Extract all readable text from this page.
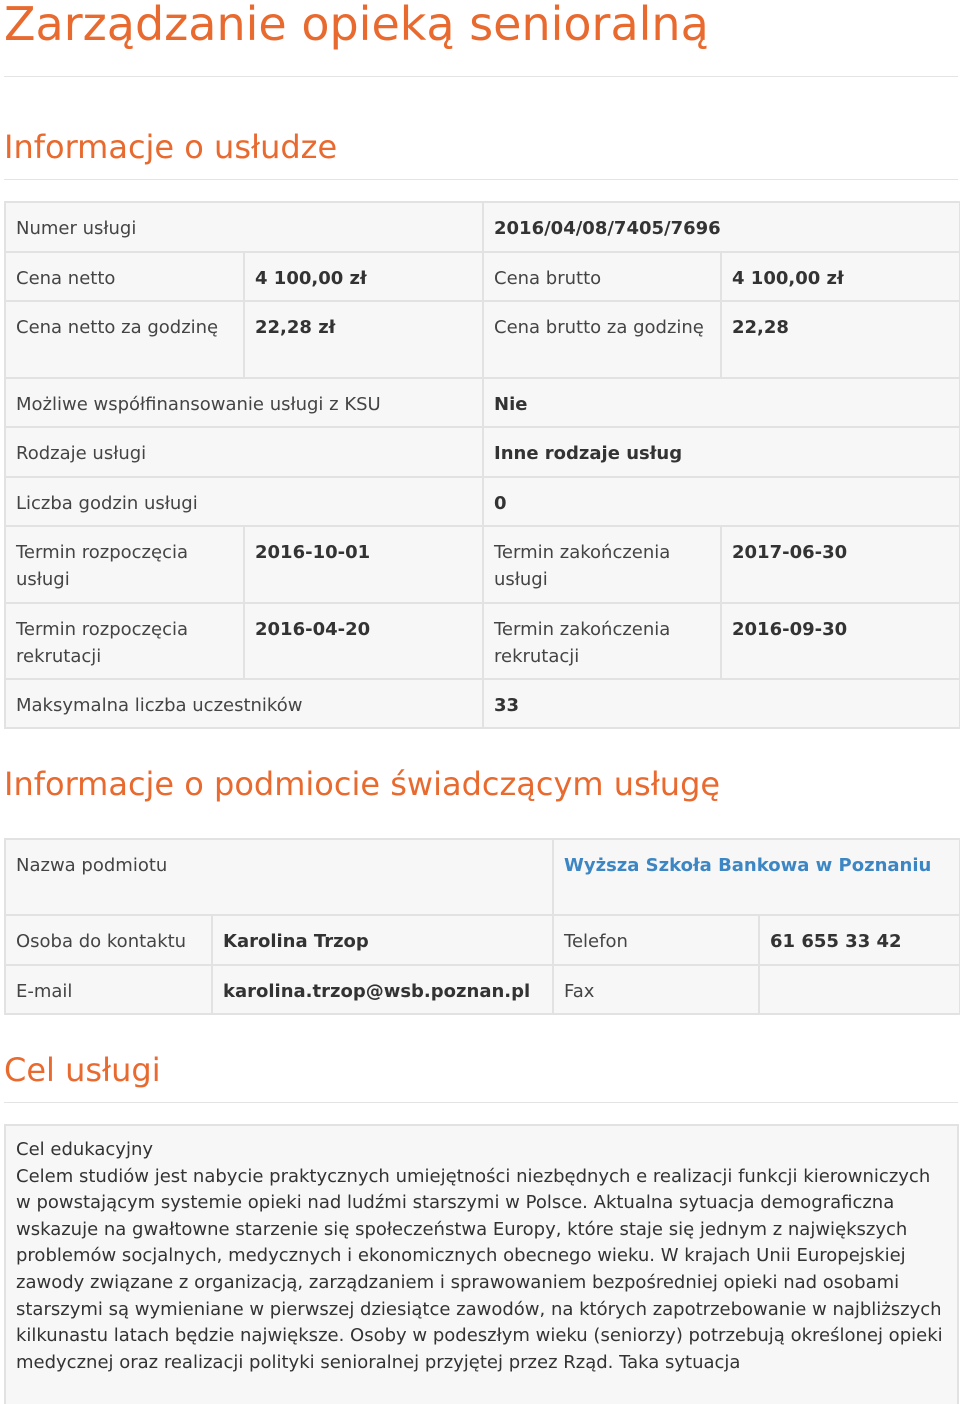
Zarządzanie opieką senioralną
Informacje o usłudze
Numer usługi		2016/04/08/7405/7696	
Cena netto	4 100,00 zł	Cena brutto	4 100,00 zł
Cena netto za godzinę	22,28 zł	Cena brutto za godzinę	22,28
Możliwe współfinansowanie usługi z KSU		Nie	
Rodzaje usługi		Inne rodzaje usług	
Liczba godzin usługi		0	
Termin rozpoczęcia usługi	2016-10-01	Termin zakończenia usługi	2017-06-30
Termin rozpoczęcia rekrutacji	2016-04-20	Termin zakończenia rekrutacji	2016-09-30
Maksymalna liczba uczestników		33	
Informacje o podmiocie świadczącym usługę
Nazwa podmiotu		Wyższa Szkoła Bankowa w Poznaniu	
Osoba do kontaktu	Karolina Trzop	Telefon	61 655 33 42
E-mail	karolina.trzop@wsb.poznan.pl	Fax	
Cel usługi
Cel edukacyjny
Celem studiów jest nabycie praktycznych umiejętności niezbędnych e realizacji funkcji kierowniczych w powstającym systemie opieki nad ludźmi starszymi w Polsce. Aktualna sytuacja demograficzna wskazuje na gwałtowne starzenie się społeczeństwa Europy, które staje się jednym z największych problemów socjalnych, medycznych i ekonomicznych obecnego wieku. W krajach Unii Europejskiej zawody związane z organizacją, zarządzaniem i sprawowaniem bezpośredniej opieki nad osobami starszymi są wymieniane w pierwszej dziesiątce zawodów, na których zapotrzebowanie w najbliższych kilkunastu latach będzie największe. Osoby w podeszłym wieku (seniorzy) potrzebują określonej opieki medycznej oraz realizacji polityki senioralnej przyjętej przez Rząd. Taka sytuacja
